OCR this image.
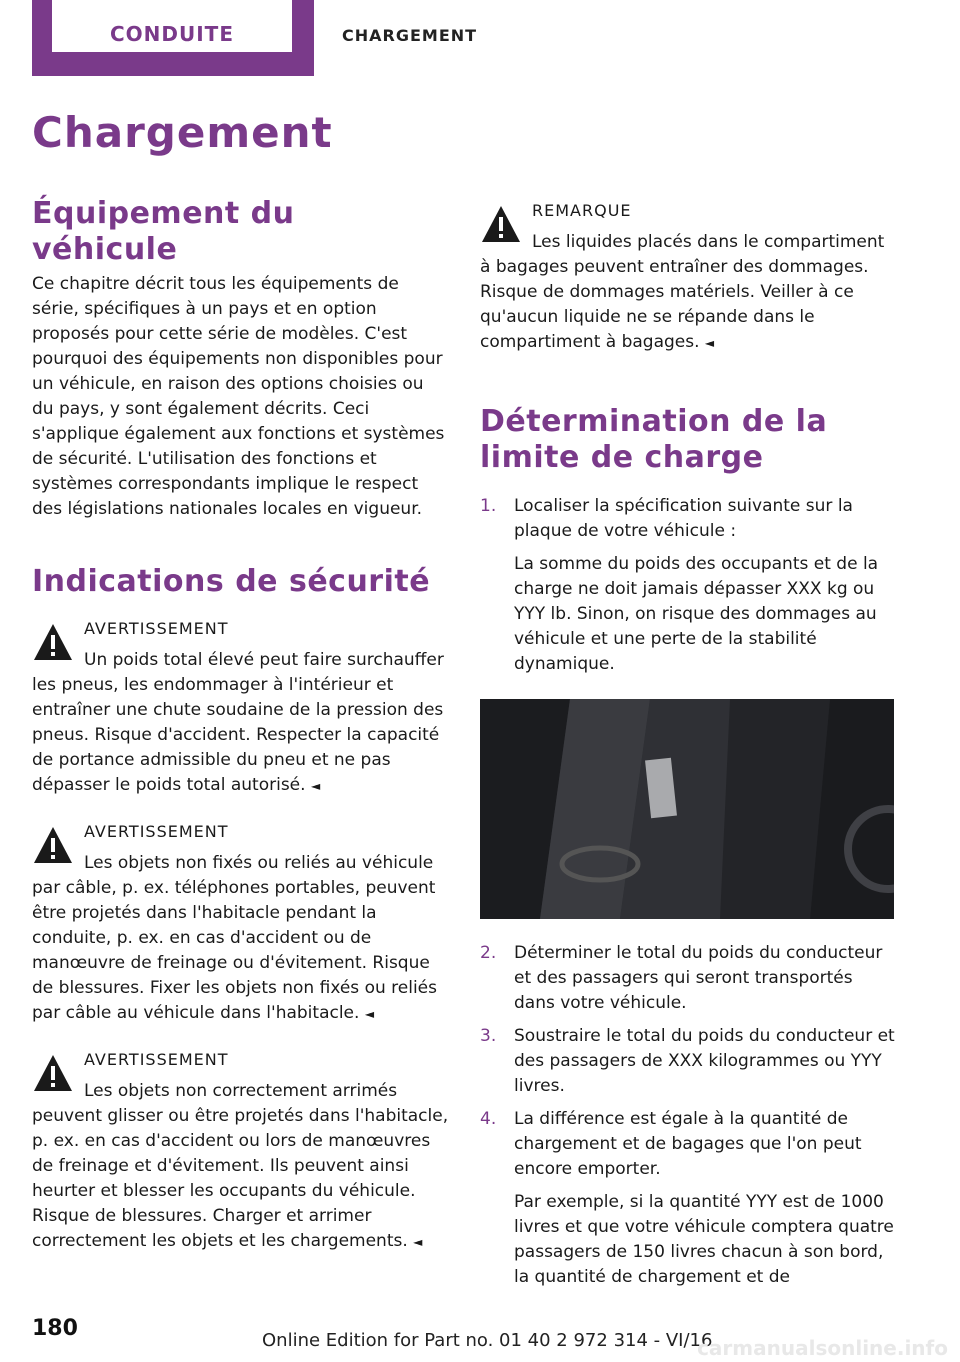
CONDUITE	CHARGEMENT
Chargement
Équipement du véhicule

Ce chapitre décrit tous les équipements de série, spécifiques à un pays et en option proposés pour cette série de modèles. C'est pourquoi des équipements non disponibles pour un véhicule, en raison des options choisies ou du pays, y sont également décrits. Ceci s'applique également aux fonctions et systèmes de sécurité. L'utilisation des fonctions et systèmes correspondants implique le respect des législations nationales locales en vigueur.

Indications de sécurité
AVERTISSEMENT

Un poids total élevé peut faire surchauffer les pneus, les endommager à l'intérieur et entraîner une chute soudaine de la pression des pneus. Risque d'accident. Respecter la capacité de portance admissible du pneu et ne pas dépasser le poids total autorisé. ◄

AVERTISSEMENT

Les objets non fixés ou reliés au véhicule par câble, p. ex. téléphones portables, peuvent être projetés dans l'habitacle pendant la conduite, p. ex. en cas d'accident ou de manœuvre de freinage ou d'évitement. Risque de blessures. Fixer les objets non fixés ou reliés par câble au véhicule dans l'habitacle. ◄

AVERTISSEMENT

Les objets non correctement arrimés peuvent glisser ou être projetés dans l'habitacle, p. ex. en cas d'accident ou lors de manœuvres de freinage et d'évitement. Ils peuvent ainsi heurter et blesser les occupants du véhicule. Risque de blessures. Charger et arrimer correctement les objets et les chargements. ◄

REMARQUE

Les liquides placés dans le compartiment à bagages peuvent entraîner des dommages. Risque de dommages matériels. Veiller à ce qu'aucun liquide ne se répande dans le compartiment à bagages. ◄

Détermination de la limite de charge
1. Localiser la spécification suivante sur la plaque de votre véhicule :

La somme du poids des occupants et de la charge ne doit jamais dépasser XXX kg ou YYY lb. Sinon, on risque des dommages au véhicule et une perte de la stabilité dynamique.

2. Déterminer le total du poids du conducteur et des passagers qui seront transportés dans votre véhicule.

3. Soustraire le total du poids du conducteur et des passagers de XXX kilogrammes ou YYY livres.

4. La différence est égale à la quantité de chargement et de bagages que l'on peut encore emporter.

Par exemple, si la quantité YYY est de 1000 livres et que votre véhicule comptera quatre passagers de 150 livres chacun à son bord, la quantité de chargement et de

180	Online Edition for Part no. 01 40 2 972 314 - VI/16
carmanualsonline.info
